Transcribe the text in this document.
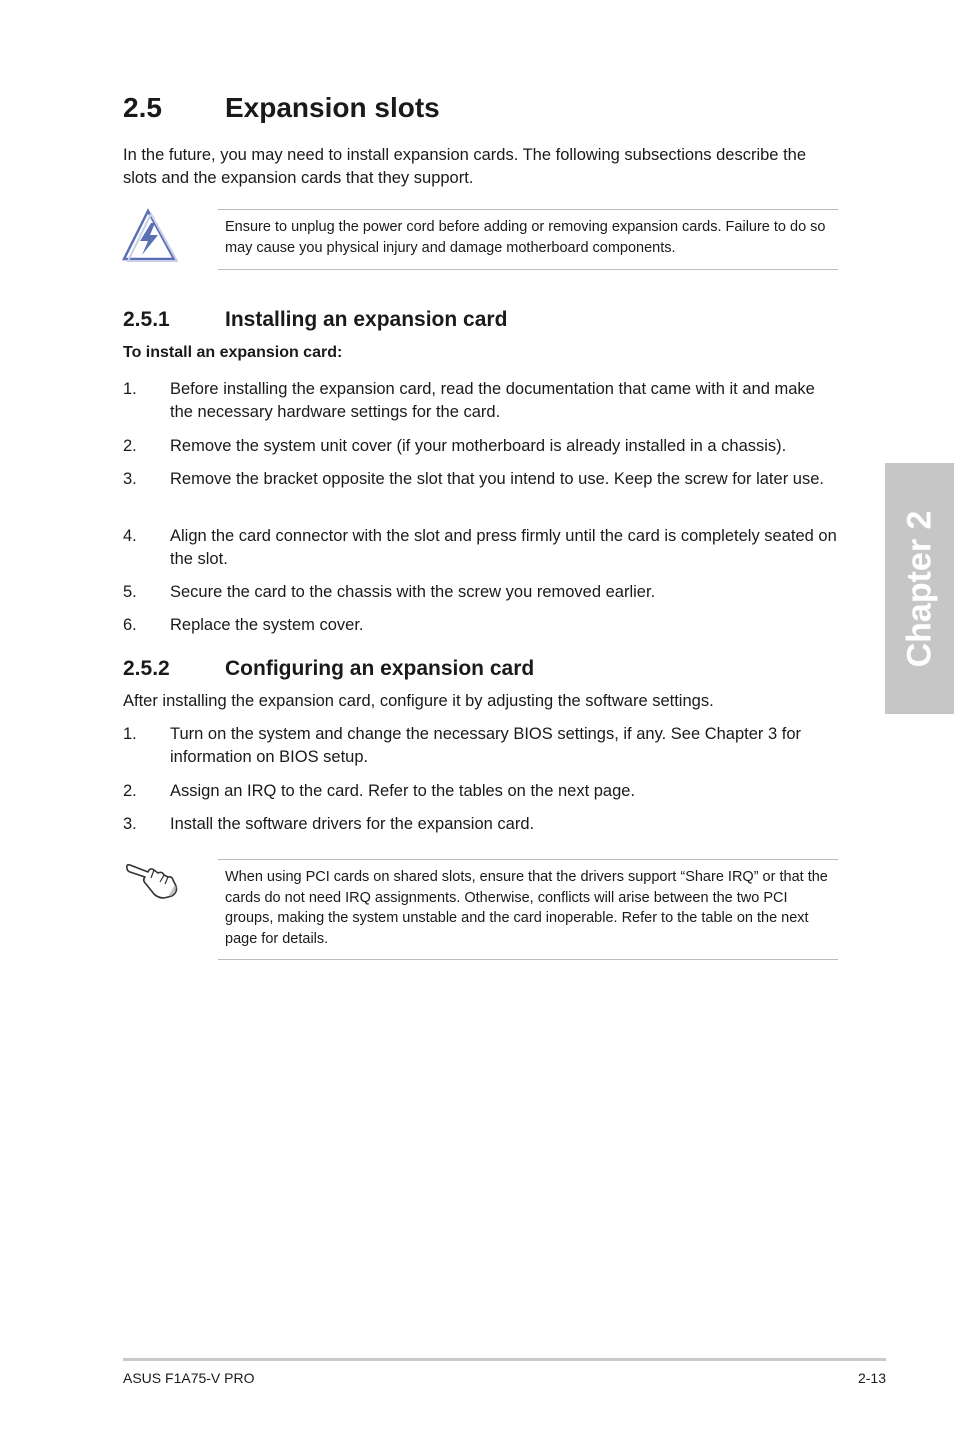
2.5 Expansion slots

In the future, you may need to install expansion cards. The following subsections describe the slots and the expansion cards that they support.

Ensure to unplug the power cord before adding or removing expansion cards. Failure to do so may cause you physical injury and damage motherboard components.
2.5.1	Installing an expansion card

To install an expansion card:

1. Before installing the expansion card, read the documentation that came with it and make the necessary hardware settings for the card.
2. Remove the system unit cover (if your motherboard is already installed in a chassis).
3. Remove the bracket opposite the slot that you intend to use. Keep the screw for later use.
4. Align the card connector with the slot and press firmly until the card is completely seated on the slot.
5. Secure the card to the chassis with the screw you removed earlier.
6. Replace the system cover.
2.5.2	Configuring an expansion card

After installing the expansion card, configure it by adjusting the software settings.

1. Turn on the system and change the necessary BIOS settings, if any. See Chapter 3 for information on BIOS setup.
2. Assign an IRQ to the card. Refer to the tables on the next page.
3. Install the software drivers for the expansion card.
When using PCI cards on shared slots, ensure that the drivers support “Share IRQ” or that the cards do not need IRQ assignments. Otherwise, conflicts will arise between the two PCI groups, making the system unstable and the card inoperable. Refer to the table on the next page for details.
Chapter 2
ASUS F1A75-V PRO	2-13
